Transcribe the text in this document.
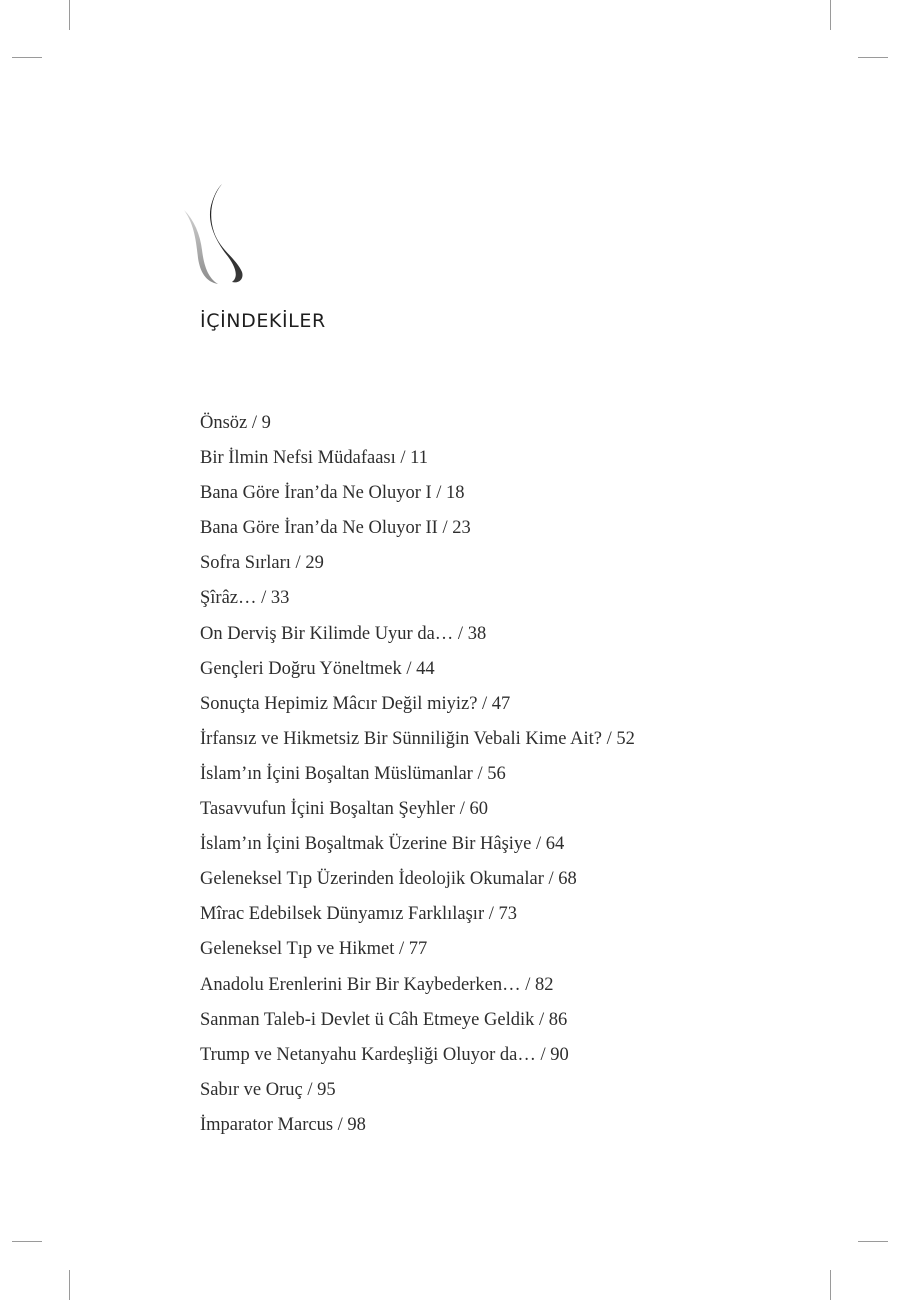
İÇİNDEKİLER
Önsöz / 9
Bir İlmin Nefsi Müdafaası / 11
Bana Göre İran’da Ne Oluyor I / 18
Bana Göre İran’da Ne Oluyor II / 23
Sofra Sırları / 29
Şîrâz… / 33
On Derviş Bir Kilimde Uyur da… / 38
Gençleri Doğru Yöneltmek / 44
Sonuçta Hepimiz Mâcır Değil miyiz? / 47
İrfansız ve Hikmetsiz Bir Sünniliğin Vebali Kime Ait? / 52
İslam’ın İçini Boşaltan Müslümanlar / 56
Tasavvufun İçini Boşaltan Şeyhler / 60
İslam’ın İçini Boşaltmak Üzerine Bir Hâşiye / 64
Geleneksel Tıp Üzerinden İdeolojik Okumalar / 68
Mîrac Edebilsek Dünyamız Farklılaşır / 73
Geleneksel Tıp ve Hikmet / 77
Anadolu Erenlerini Bir Bir Kaybederken… / 82
Sanman Taleb-i Devlet ü Câh Etmeye Geldik / 86
Trump ve Netanyahu Kardeşliği Oluyor da… / 90
Sabır ve Oruç / 95
İmparator Marcus / 98
